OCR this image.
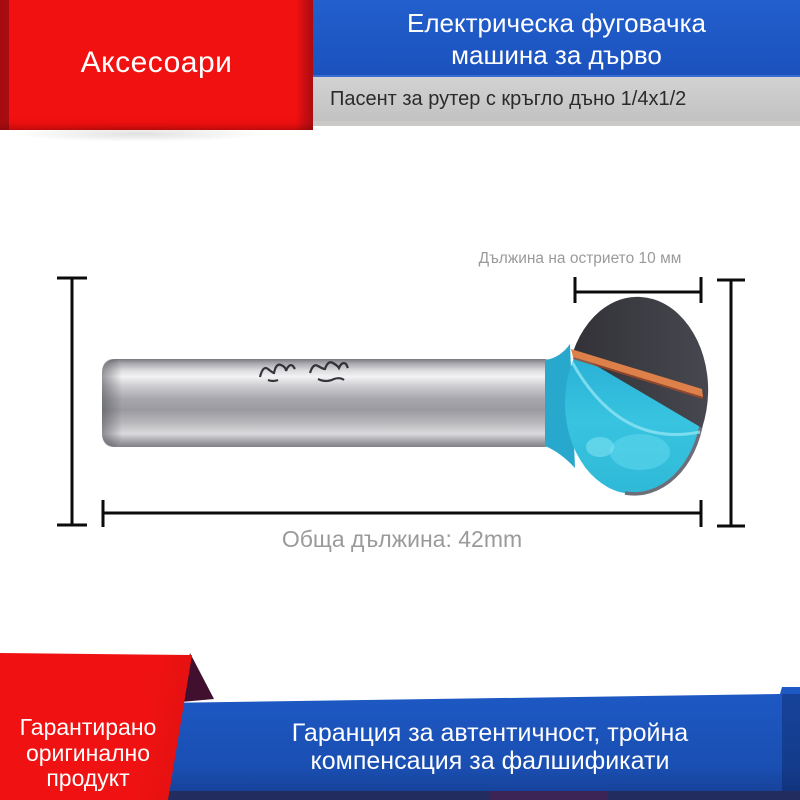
Аксесоари
Електрическа фуговачка
машина за дърво
Пасент за рутер с кръгло дъно 1/4x1/2
Дължина на острието 10 мм
Обща дължина: 42mm
Гарантирано
оригинално
продукт
Гаранция за автентичност, тройна
компенсация за фалшификати
